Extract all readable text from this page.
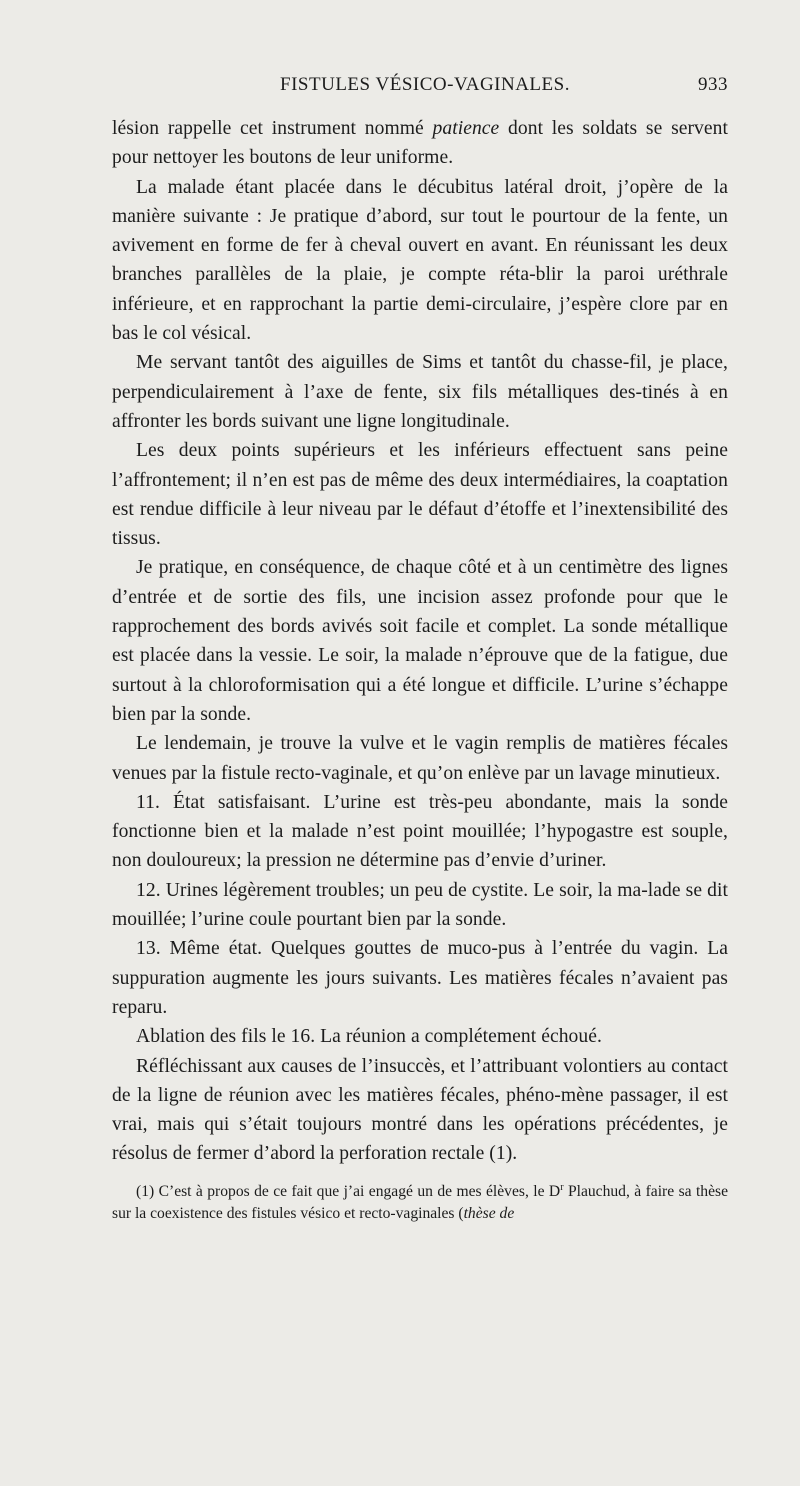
FISTULES VÉSICO-VAGINALES.	933

lésion rappelle cet instrument nommé patience dont les soldats se servent pour nettoyer les boutons de leur uniforme.

La malade étant placée dans le décubitus latéral droit, j’opère de la manière suivante : Je pratique d’abord, sur tout le pourtour de la fente, un avivement en forme de fer à cheval ouvert en avant. En réunissant les deux branches parallèles de la plaie, je compte réta-blir la paroi uréthrale inférieure, et en rapprochant la partie demi-circulaire, j’espère clore par en bas le col vésical.

Me servant tantôt des aiguilles de Sims et tantôt du chasse-fil, je place, perpendiculairement à l’axe de fente, six fils métalliques des-tinés à en affronter les bords suivant une ligne longitudinale.

Les deux points supérieurs et les inférieurs effectuent sans peine l’affrontement; il n’en est pas de même des deux intermédiaires, la coaptation est rendue difficile à leur niveau par le défaut d’étoffe et l’inextensibilité des tissus.

Je pratique, en conséquence, de chaque côté et à un centimètre des lignes d’entrée et de sortie des fils, une incision assez profonde pour que le rapprochement des bords avivés soit facile et complet. La sonde métallique est placée dans la vessie. Le soir, la malade n’éprouve que de la fatigue, due surtout à la chloroformisation qui a été longue et difficile. L’urine s’échappe bien par la sonde.

Le lendemain, je trouve la vulve et le vagin remplis de matières fécales venues par la fistule recto-vaginale, et qu’on enlève par un lavage minutieux.

11. État satisfaisant. L’urine est très-peu abondante, mais la sonde fonctionne bien et la malade n’est point mouillée; l’hypogastre est souple, non douloureux; la pression ne détermine pas d’envie d’uriner.

12. Urines légèrement troubles; un peu de cystite. Le soir, la ma-lade se dit mouillée; l’urine coule pourtant bien par la sonde.

13. Même état. Quelques gouttes de muco-pus à l’entrée du vagin. La suppuration augmente les jours suivants. Les matières fécales n’avaient pas reparu.

Ablation des fils le 16. La réunion a complétement échoué.

Réfléchissant aux causes de l’insuccès, et l’attribuant volontiers au contact de la ligne de réunion avec les matières fécales, phéno-mène passager, il est vrai, mais qui s’était toujours montré dans les opérations précédentes, je résolus de fermer d’abord la perforation rectale (1).

(1) C’est à propos de ce fait que j’ai engagé un de mes élèves, le $D^r$ Plauchud, à faire sa thèse sur la coexistence des fistules vésico et recto-vaginales (thèse de
